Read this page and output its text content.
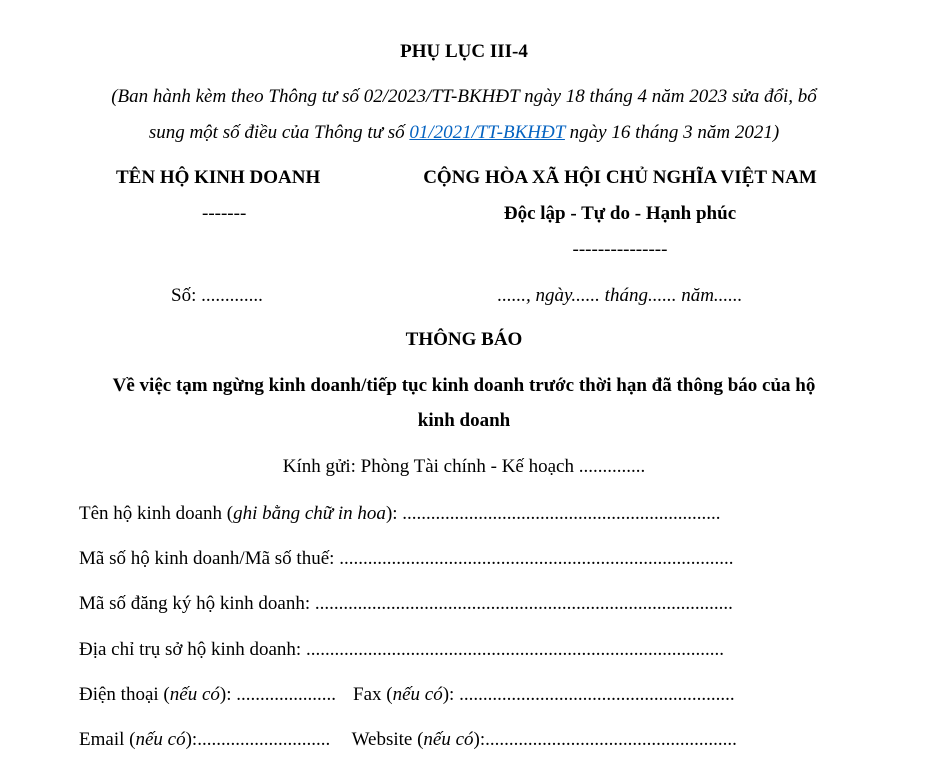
PHỤ LỤC III-4
(Ban hành kèm theo Thông tư số 02/2023/TT-BKHĐT ngày 18 tháng 4 năm 2023 sửa đổi, bổ
sung một số điều của Thông tư số 01/2021/TT-BKHĐT ngày 16 tháng 3 năm 2021)
TÊN HỘ KINH DOANH
-------
Số: .............
CỘNG HÒA XÃ HỘI CHỦ NGHĨA VIỆT NAM
Độc lập - Tự do - Hạnh phúc
---------------
......, ngày...... tháng...... năm......
THÔNG BÁO
Về việc tạm ngừng kinh doanh/tiếp tục kinh doanh trước thời hạn đã thông báo của hộ
kinh doanh
Kính gửi: Phòng Tài chính - Kế hoạch ..............
Tên hộ kinh doanh ( ghi bằng chữ in hoa ): ...................................................................
Mã số hộ kinh doanh/Mã số thuế: ...................................................................................
Mã số đăng ký hộ kinh doanh: ........................................................................................
Địa chỉ trụ sở hộ kinh doanh: ........................................................................................
Điện thoại ( nếu có ): ..................... Fax ( nếu có ): ..........................................................
Email ( nếu có ): ............................ Website ( nếu có ): .....................................................
